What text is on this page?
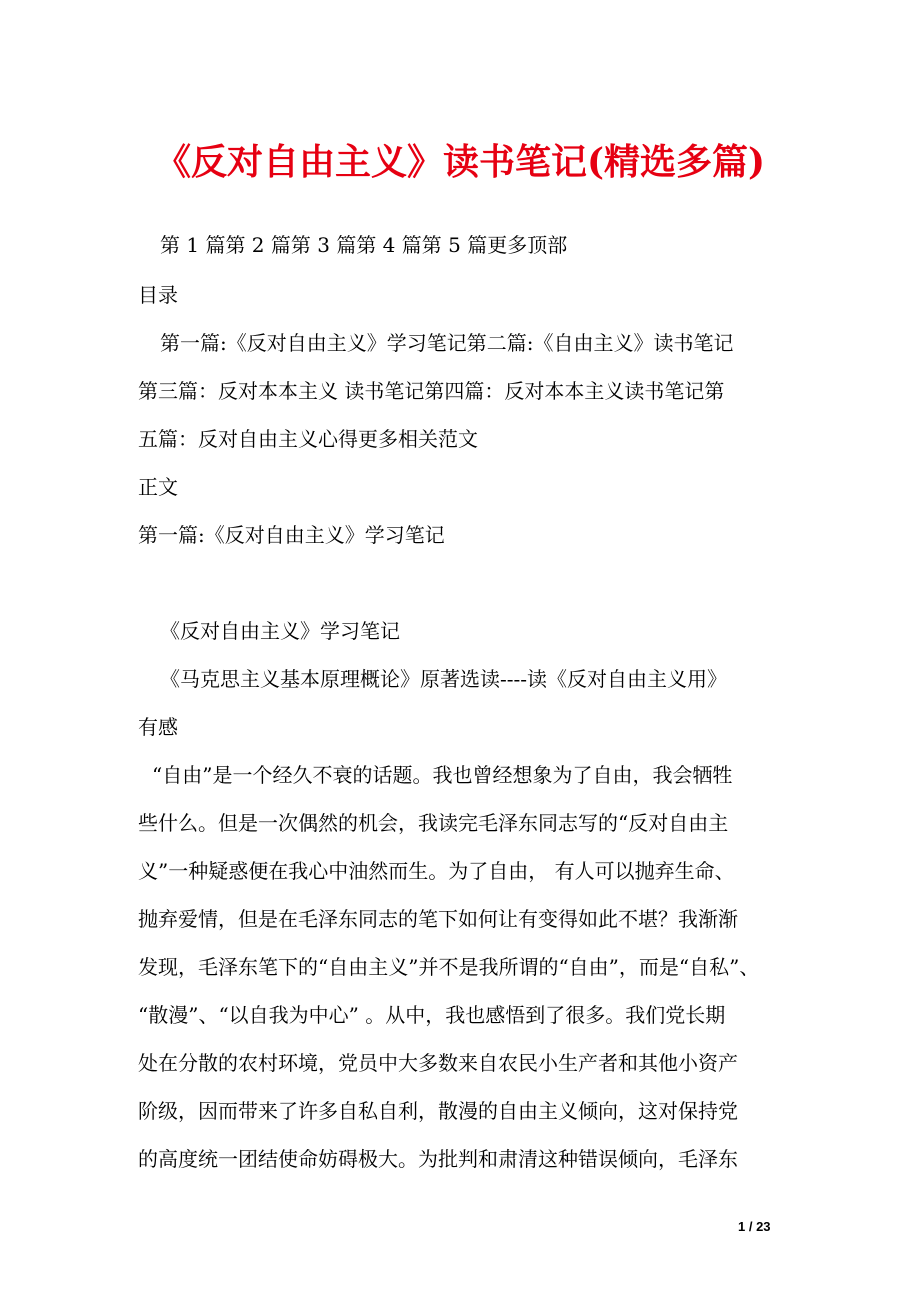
《反对自由主义》读书笔记(精选多篇)
第 1 篇第 2 篇第 3 篇第 4 篇第 5 篇更多顶部
目录
第一篇:《反对自由主义》学习笔记第二篇:《自由主义》读书笔记
第三篇：反对本本主义 读书笔记第四篇：反对本本主义读书笔记第
五篇：反对自由主义心得更多相关范文
正文
第一篇:《反对自由主义》学习笔记
《反对自由主义》学习笔记
《马克思主义基本原理概论》原著选读----读《反对自由主义用》
有感
“自由”是一个经久不衰的话题。我也曾经想象为了自由，我会牺牲
些什么。但是一次偶然的机会，我读完毛泽东同志写的“反对自由主
义”一种疑惑便在我心中油然而生。为了自由， 有人可以抛弃生命、
抛弃爱情，但是在毛泽东同志的笔下如何让有变得如此不堪？我渐渐
发现，毛泽东笔下的“自由主义”并不是我所谓的“自由”，而是“自私”、
“散漫”、“以自我为中心” 。从中，我也感悟到了很多。我们党长期
处在分散的农村环境，党员中大多数来自农民小生产者和其他小资产
阶级，因而带来了许多自私自利，散漫的自由主义倾向，这对保持党
的高度统一团结使命妨碍极大。为批判和肃清这种错误倾向，毛泽东
1 / 23
